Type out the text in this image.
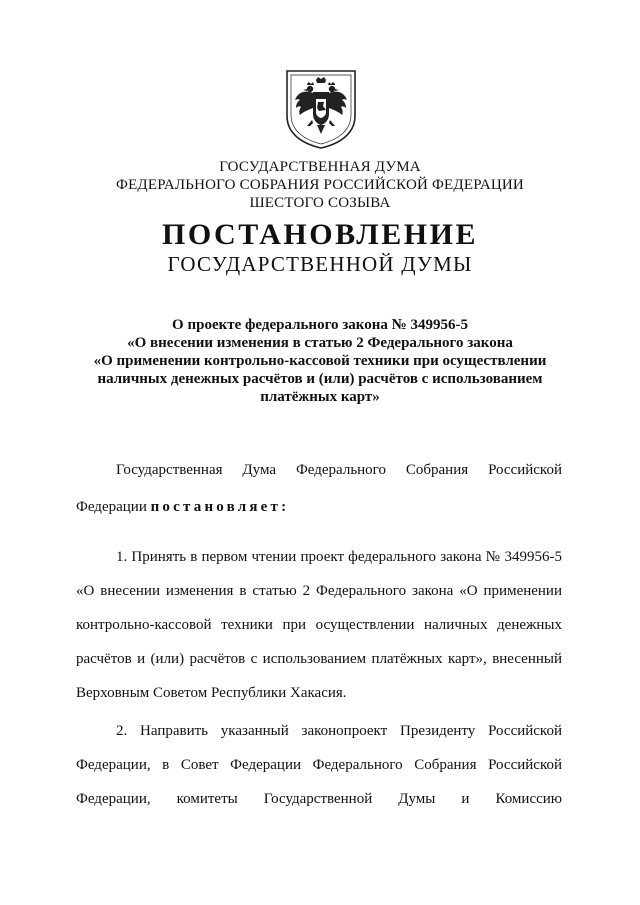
ГОСУДАРСТВЕННАЯ ДУМА
ФЕДЕРАЛЬНОГО СОБРАНИЯ РОССИЙСКОЙ ФЕДЕРАЦИИ
ШЕСТОГО СОЗЫВА
ПОСТАНОВЛЕНИЕ
ГОСУДАРСТВЕННОЙ ДУМЫ
О проекте федерального закона № 349956-5
«О внесении изменения в статью 2 Федерального закона
«О применении контрольно-кассовой техники при осуществлении
наличных денежных расчётов и (или) расчётов с использованием
платёжных карт»
Государственная Дума Федерального Собрания Российской
Федерации постановляет:
1. Принять в первом чтении проект федерального закона № 349956-5
«О внесении изменения в статью 2 Федерального закона «О применении
контрольно-кассовой техники при осуществлении наличных денежных
расчётов и (или) расчётов с использованием платёжных карт», внесенный
Верховным Советом Республики Хакасия.
2. Направить указанный законопроект Президенту Российской
Федерации, в Совет Федерации Федерального Собрания Российской
Федерации, комитеты Государственной Думы и Комиссию
